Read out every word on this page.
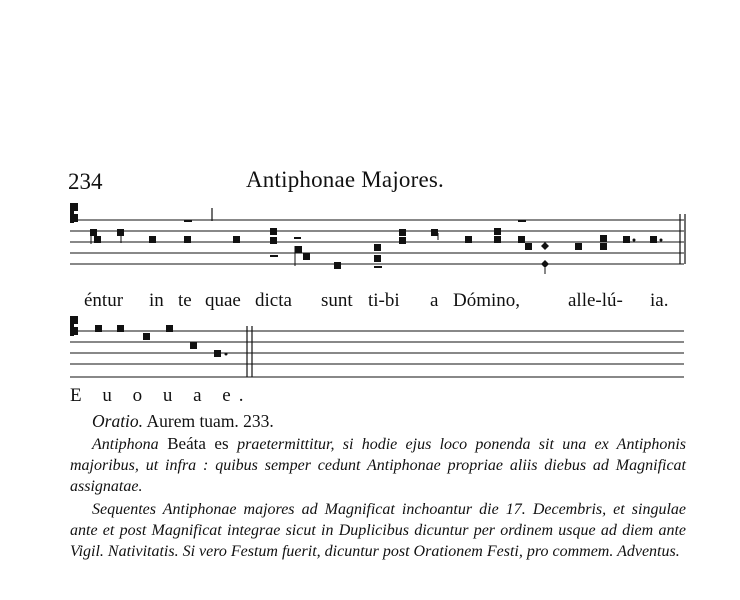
234	Antiphonae Majores.
éntur in te quae dicta sunt ti-bi a Dómino,	alle-lú- ia.
E u o u a e.
Oratio. Aurem tuam. 233.
Antiphona Beáta es praetermittitur, si hodie ejus loco ponenda sit una ex Antiphonis majoribus, ut infra : quibus semper cedunt Antiphonae propriae aliis diebus ad Magnificat assignatae.
Sequentes Antiphonae majores ad Magnificat inchoantur die 17. Decembris, et singulae ante et post Magnificat integrae sicut in Duplicibus dicuntur per ordinem usque ad diem ante Vigil. Nativitatis. Si vero Festum fuerit, dicuntur post Orationem Festi, pro commem. Adventus.
